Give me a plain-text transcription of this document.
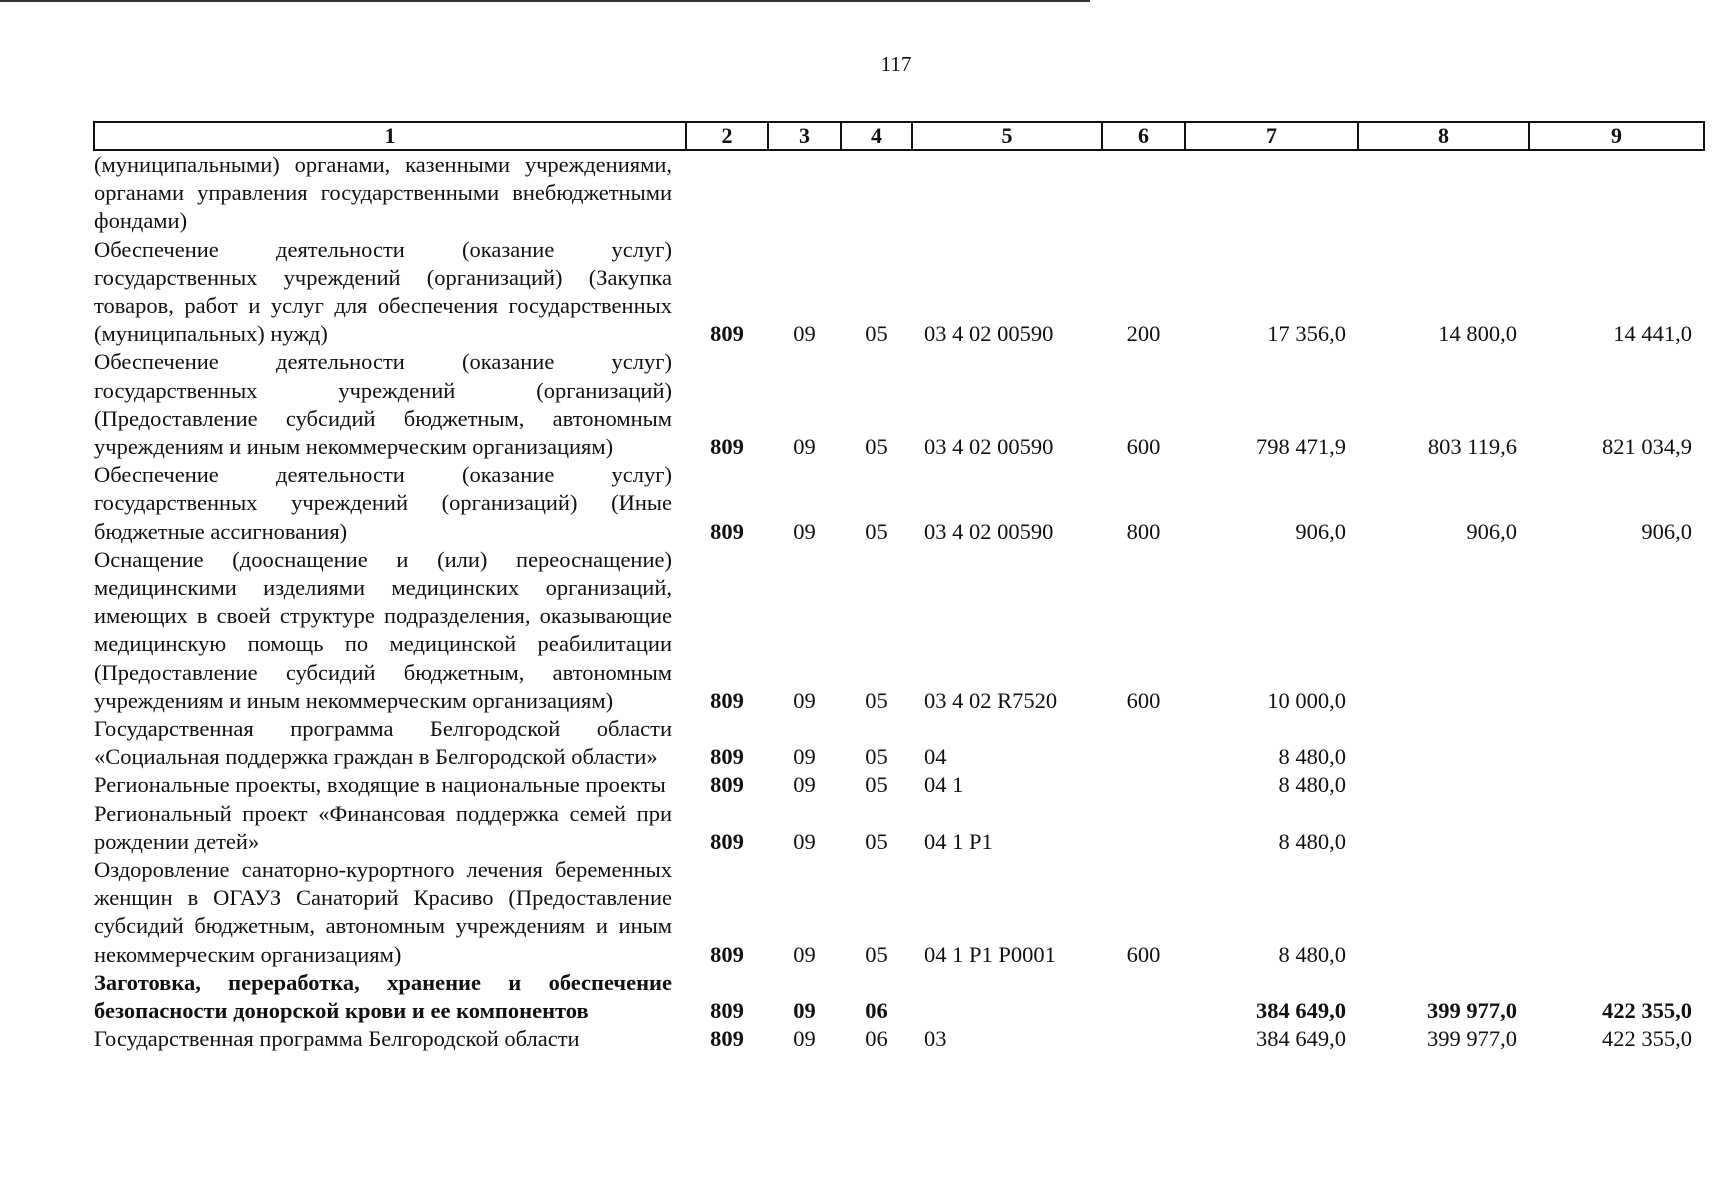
117
1	2	3	4	5	6	7	8	9
(муниципальными) органами, казенными учреждениями, органами управления государственными внебюджетными фондами)								
Обеспечение деятельности (оказание услуг) государственных учреждений (организаций) (Закупка товаров, работ и услуг для обеспечения государственных (муниципальных) нужд)	809	09	05	03 4 02 00590	200	17 356,0	14 800,0	14 441,0
Обеспечение деятельности (оказание услуг) государственных учреждений (организаций) (Предоставление субсидий бюджетным, автономным учреждениям и иным некоммерческим организациям)	809	09	05	03 4 02 00590	600	798 471,9	803 119,6	821 034,9
Обеспечение деятельности (оказание услуг) государственных учреждений (организаций) (Иные бюджетные ассигнования)	809	09	05	03 4 02 00590	800	906,0	906,0	906,0
Оснащение (дооснащение и (или) переоснащение) медицинскими изделиями медицинских организаций, имеющих в своей структуре подразделения, оказывающие медицинскую помощь по медицинской реабилитации (Предоставление субсидий бюджетным, автономным учреждениям и иным некоммерческим организациям)	809	09	05	03 4 02 R7520	600	10 000,0		
Государственная программа Белгородской области «Социальная поддержка граждан в Белгородской области»	809	09	05	04		8 480,0		
Региональные проекты, входящие в национальные проекты	809	09	05	04 1		8 480,0		
Региональный проект «Финансовая поддержка семей при рождении детей»	809	09	05	04 1 P1		8 480,0		
Оздоровление санаторно-курортного лечения беременных женщин в ОГАУЗ Санаторий Красиво (Предоставление субсидий бюджетным, автономным учреждениям и иным некоммерческим организациям)	809	09	05	04 1 P1 P0001	600	8 480,0		
Заготовка, переработка, хранение и обеспечение безопасности донорской крови и ее компонентов	809	09	06			384 649,0	399 977,0	422 355,0
Государственная программа Белгородской области	809	09	06	03		384 649,0	399 977,0	422 355,0
